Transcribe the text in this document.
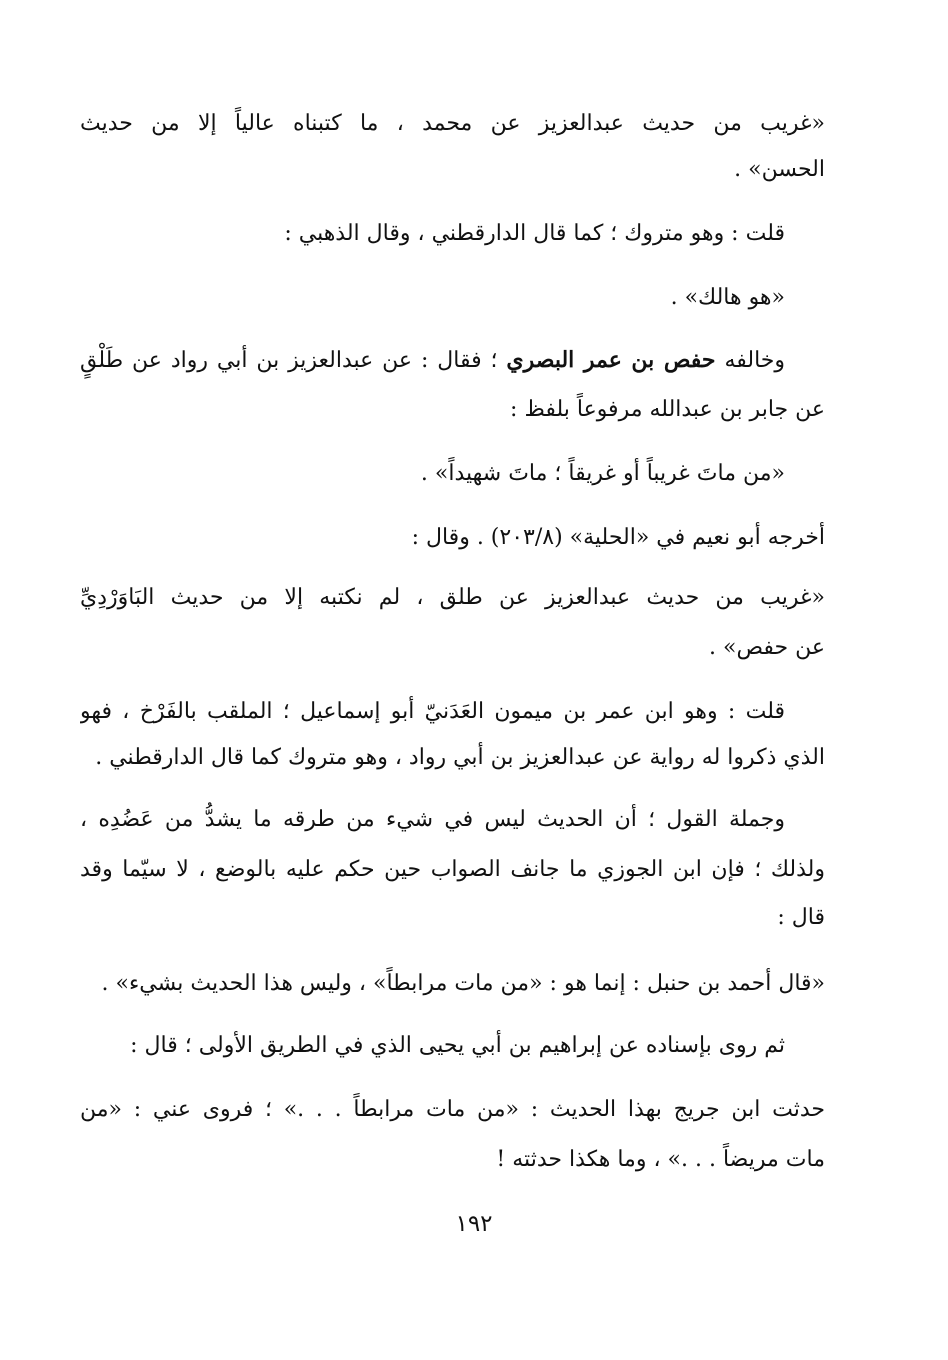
«غريب من حديث عبدالعزيز عن محمد ، ما كتبناه عالياً إلا من حديث
الحسن» .
قلت : وهو متروك ؛ كما قال الدارقطني ، وقال الذهبي :
«هو هالك» .
وخالفه حفص بن عمر البصري ؛ فقال : عن عبدالعزيز بن أبي رواد عن طَلْقٍ
عن جابر بن عبدالله مرفوعاً بلفظ :
«من ماتَ غريباً أو غريقاً ؛ ماتَ شهيداً» .
أخرجه أبو نعيم في «الحلية» (٢٠٣/٨) . وقال :
«غريب من حديث عبدالعزيز عن طلق ، لم نكتبه إلا من حديث البَاوَرْدِيِّ
عن حفص» .
قلت : وهو ابن عمر بن ميمون العَدَنيّ أبو إسماعيل ؛ الملقب بالفَرْخ ، فهو
الذي ذكروا له رواية عن عبدالعزيز بن أبي رواد ، وهو متروك كما قال الدارقطني .
وجملة القول ؛ أن الحديث ليس في شيء من طرقه ما يشدُّ من عَضُدِه ،
ولذلك ؛ فإن ابن الجوزي ما جانف الصواب حين حكم عليه بالوضع ، لا سيّما وقد
قال :
«قال أحمد بن حنبل : إنما هو : «من مات مرابطاً» ، وليس هذا الحديث بشيء» .
ثم روى بإسناده عن إبراهيم بن أبي يحيى الذي في الطريق الأولى ؛ قال :
حدثت ابن جريج بهذا الحديث : «من مات مرابطاً . . .» ؛ فروى عني : «من
مات مريضاً . . .» ، وما هكذا حدثته !
١٩٢
